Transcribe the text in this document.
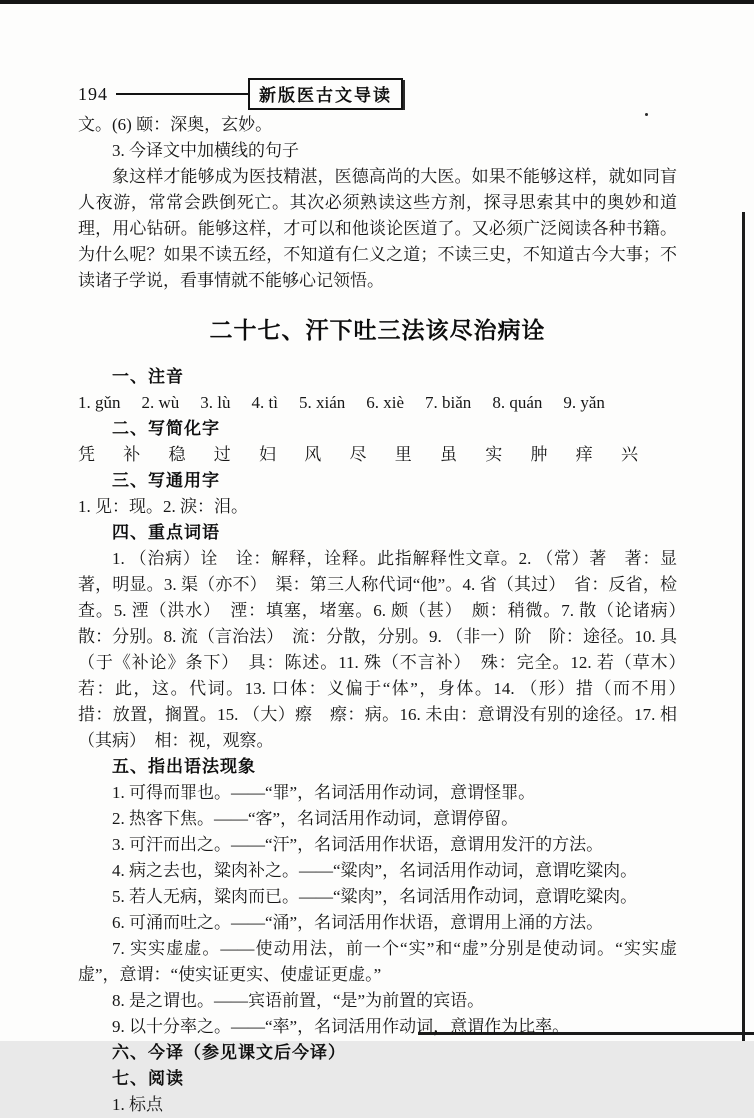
194	新版医古文导读

文。(6) 颐：深奥，玄妙。

3. 今译文中加横线的句子

象这样才能够成为医技精湛，医德高尚的大医。如果不能够这样，就如同盲人夜游，常常会跌倒死亡。其次必须熟读这些方剂，探寻思索其中的奥妙和道理，用心钻研。能够这样，才可以和他谈论医道了。又必须广泛阅读各种书籍。为什么呢？如果不读五经，不知道有仁义之道；不读三史，不知道古今大事；不读诸子学说，看事情就不能够心记领悟。

二十七、汗下吐三法该尽治病诠

一、注音

1. gǔn 2. wù 3. lù 4. tì 5. xián 6. xiè 7. biǎn 8. quán 9. yǎn

二、写简化字

凭 补 稳 过 妇 风 尽 里 虽 实 肿 痒 兴

三、写通用字

1. 见：现。2. 淚：泪。

四、重点词语

1. （治病）诠　诠：解释，诠释。此指解释性文章。2. （常）著　著：显著，明显。3. 渠（亦不）　渠：第三人称代词“他”。4. 省（其过）　省：反省，检查。5. 湮（洪水）　湮：填塞，堵塞。6. 颇（甚）　颇：稍微。7. 散（论诸病）　散：分别。8. 流（言治法）　流：分散，分别。9. （非一）阶　阶：途径。10. 具（于《补论》条下）　具：陈述。11. 殊（不言补）　殊：完全。12. 若（草木）　若：此，这。代词。13. 口体：义偏于“体”，身体。14. （形）措（而不用）　措：放置，搁置。15. （大）瘵　瘵：病。16. 未由：意谓没有别的途径。17. 相（其病）　相：视，观察。

五、指出语法现象

1. 可得而罪也。——“罪”，名词活用作动词，意谓怪罪。

2. 热客下焦。——“客”，名词活用作动词，意谓停留。

3. 可汗而出之。——“汗”，名词活用作状语，意谓用发汗的方法。

4. 病之去也，粱肉补之。——“粱肉”，名词活用作动词，意谓吃粱肉。

5. 若人无病，粱肉而已。——“粱肉”，名词活用作动词，意谓吃粱肉。

6. 可涌而吐之。——“涌”，名词活用作状语，意谓用上涌的方法。

7. 实实虚虚。——使动用法，前一个“实”和“虚”分别是使动词。“实实虚虚”，意谓：“使实证更实、使虚证更虚。”

8. 是之谓也。——宾语前置，“是”为前置的宾语。

9. 以十分率之。——“率”，名词活用作动词，意谓作为比率。

六、今译（参见课文后今译）

七、阅读

1. 标点
